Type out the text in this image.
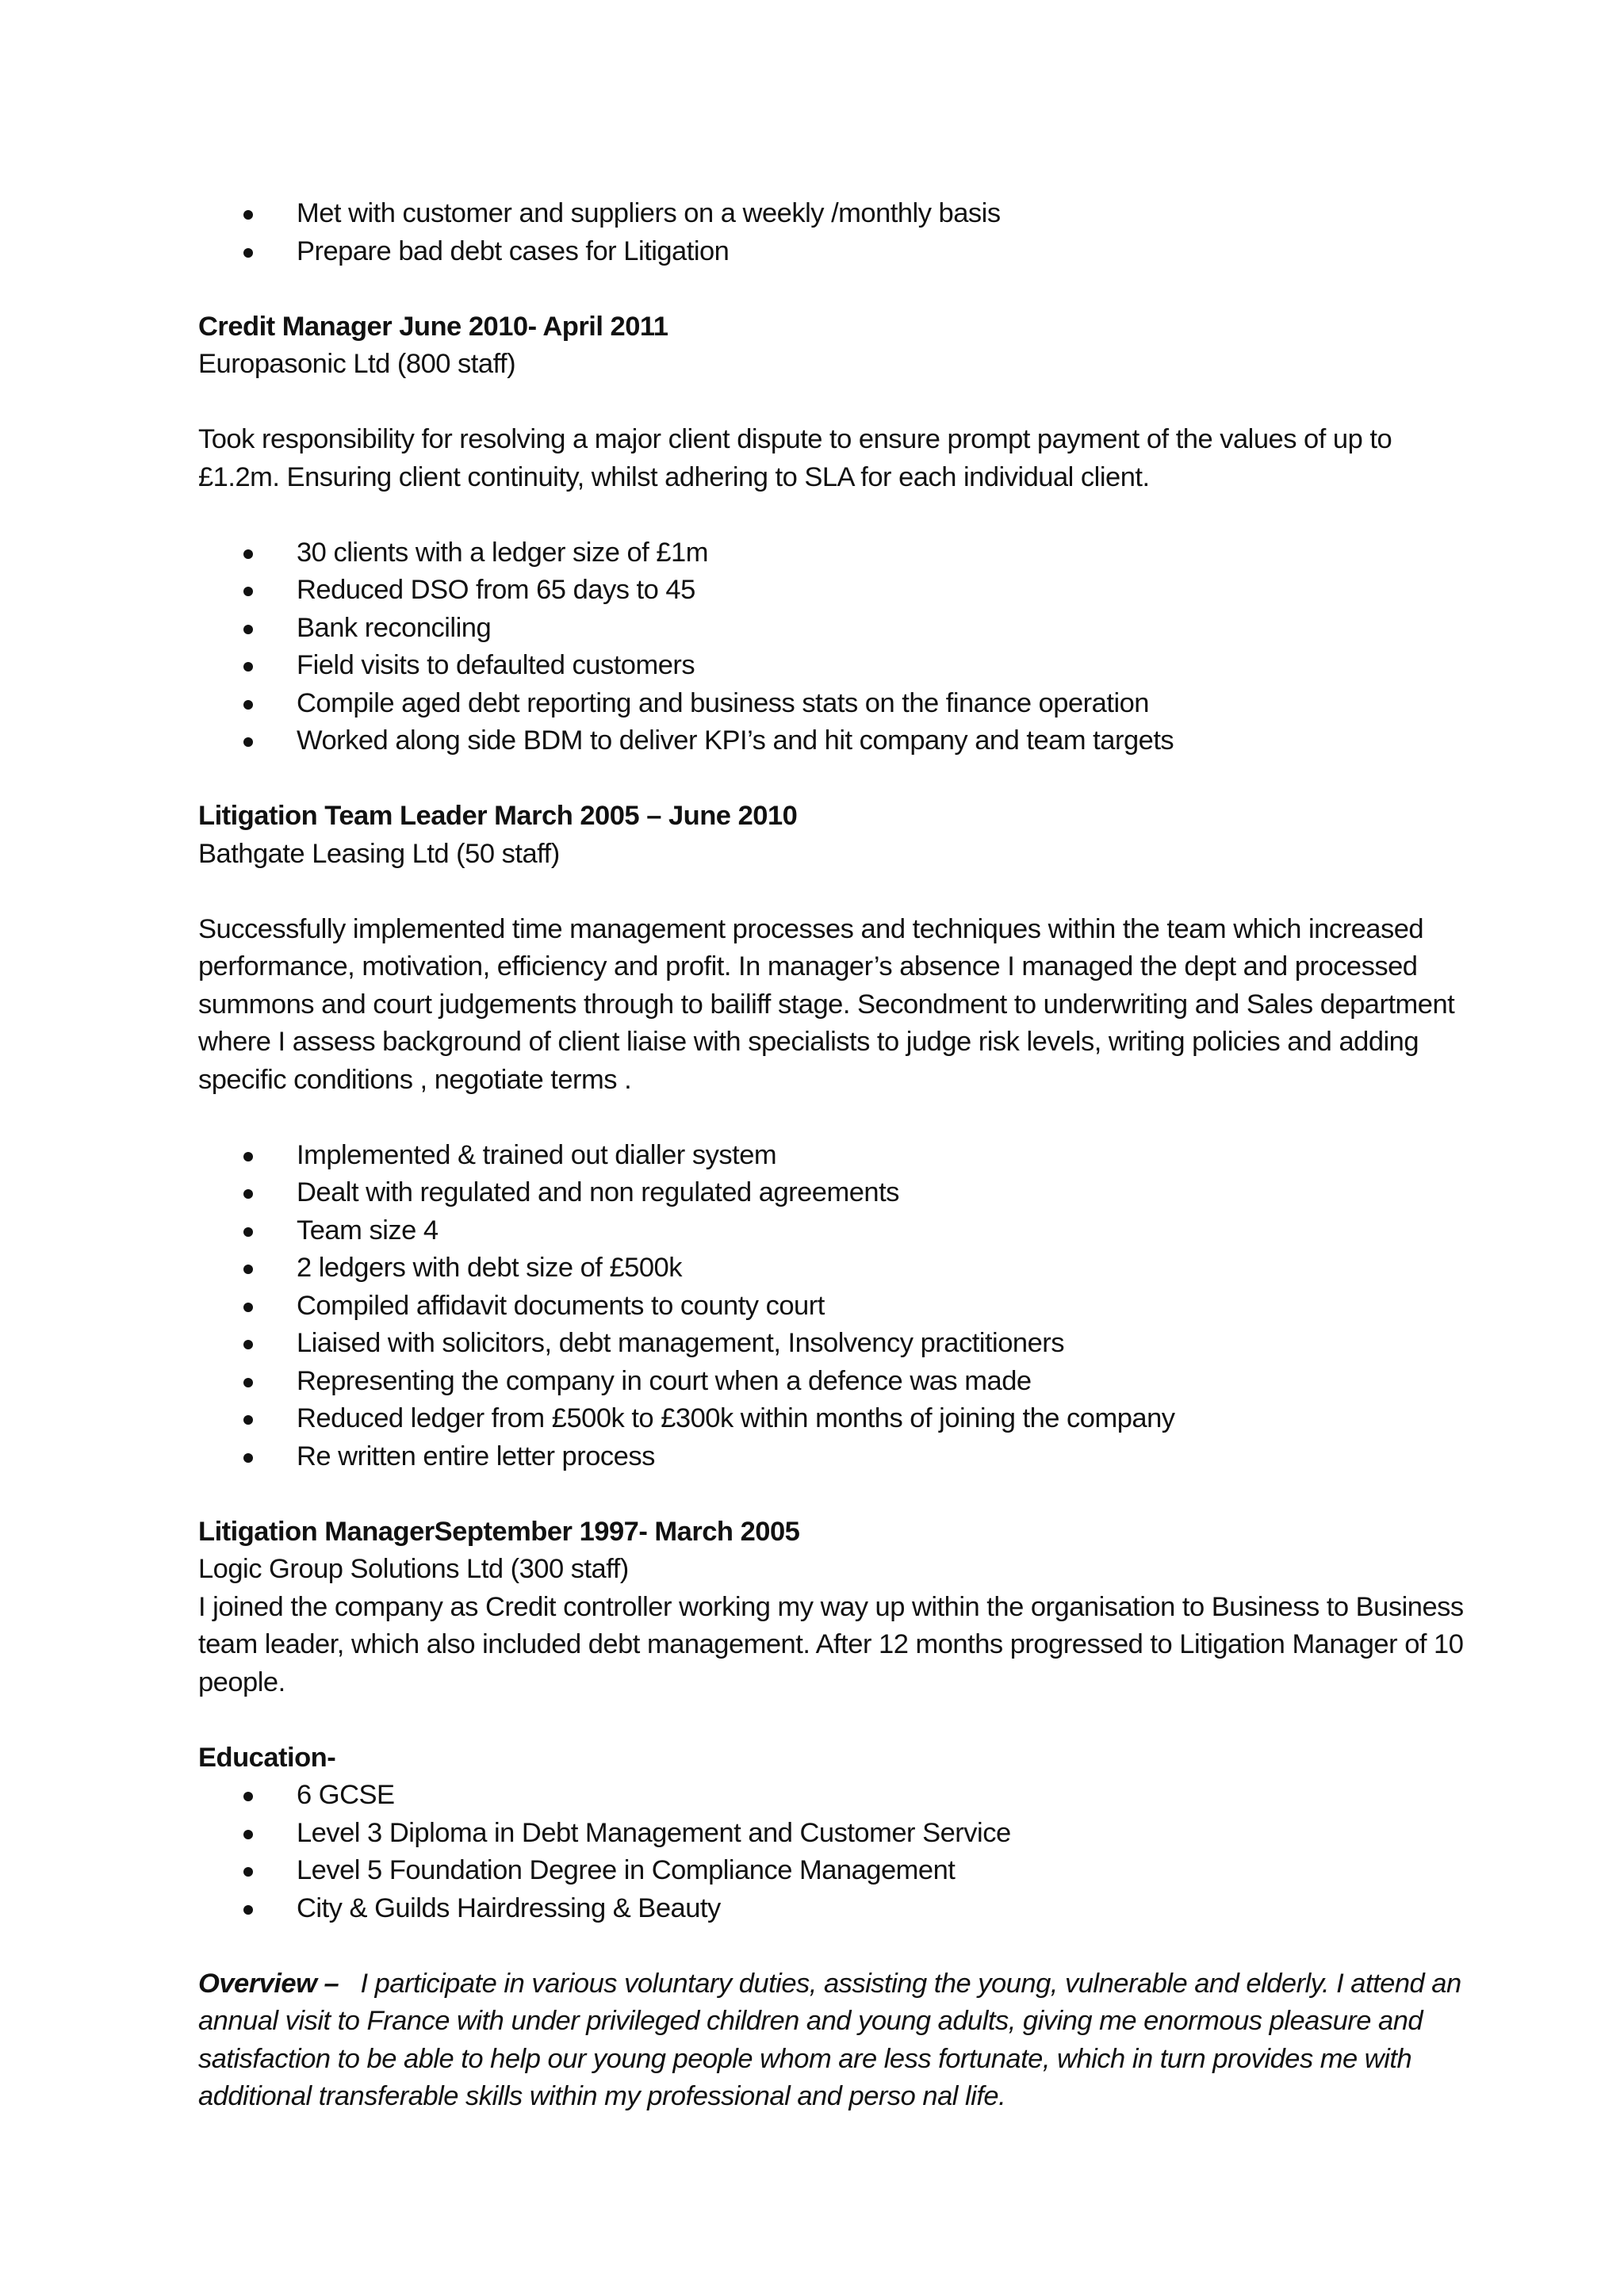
Met with customer and suppliers on a weekly /monthly basis
Prepare bad debt cases for Litigation

Credit Manager June 2010- April 2011

Europasonic Ltd (800 staff)

Took responsibility for resolving a major client dispute to ensure prompt payment of the values of up to £1.2m. Ensuring client continuity, whilst adhering to SLA for each individual client.

30 clients with a ledger size of £1m
Reduced DSO from 65 days to 45
Bank reconciling
Field visits to defaulted customers
Compile aged debt reporting and business stats on the finance operation
Worked along side BDM to deliver KPI’s and hit company and team targets

Litigation Team Leader March 2005 – June 2010

Bathgate Leasing Ltd (50 staff)

Successfully implemented time management processes and techniques within the team which increased performance, motivation, efficiency and profit. In manager’s absence I managed the dept and processed summons and court judgements through to bailiff stage. Secondment to underwriting and Sales department where I assess background of client liaise with specialists to judge risk levels, writing policies and adding specific conditions , negotiate terms .

Implemented & trained out dialler system
Dealt with regulated and non regulated agreements
Team size 4
2 ledgers with debt size of £500k
Compiled affidavit documents to county court
Liaised with solicitors, debt management, Insolvency practitioners
Representing the company in court when a defence was made
Reduced ledger from £500k to £300k within months of joining the company
Re written entire letter process

Litigation ManagerSeptember 1997- March 2005

Logic Group Solutions Ltd (300 staff)

I joined the company as Credit controller working my way up within the organisation to Business to Business team leader, which also included debt management. After 12 months progressed to Litigation Manager of 10 people.

Education-

6 GCSE
Level 3 Diploma in Debt Management and Customer Service
Level 5 Foundation Degree in Compliance Management
City & Guilds Hairdressing & Beauty

Overview – I participate in various voluntary duties, assisting the young, vulnerable and elderly. I attend an annual visit to France with under privileged children and young adults, giving me enormous pleasure and satisfaction to be able to help our young people whom are less fortunate, which in turn provides me with additional transferable skills within my professional and perso nal life.
